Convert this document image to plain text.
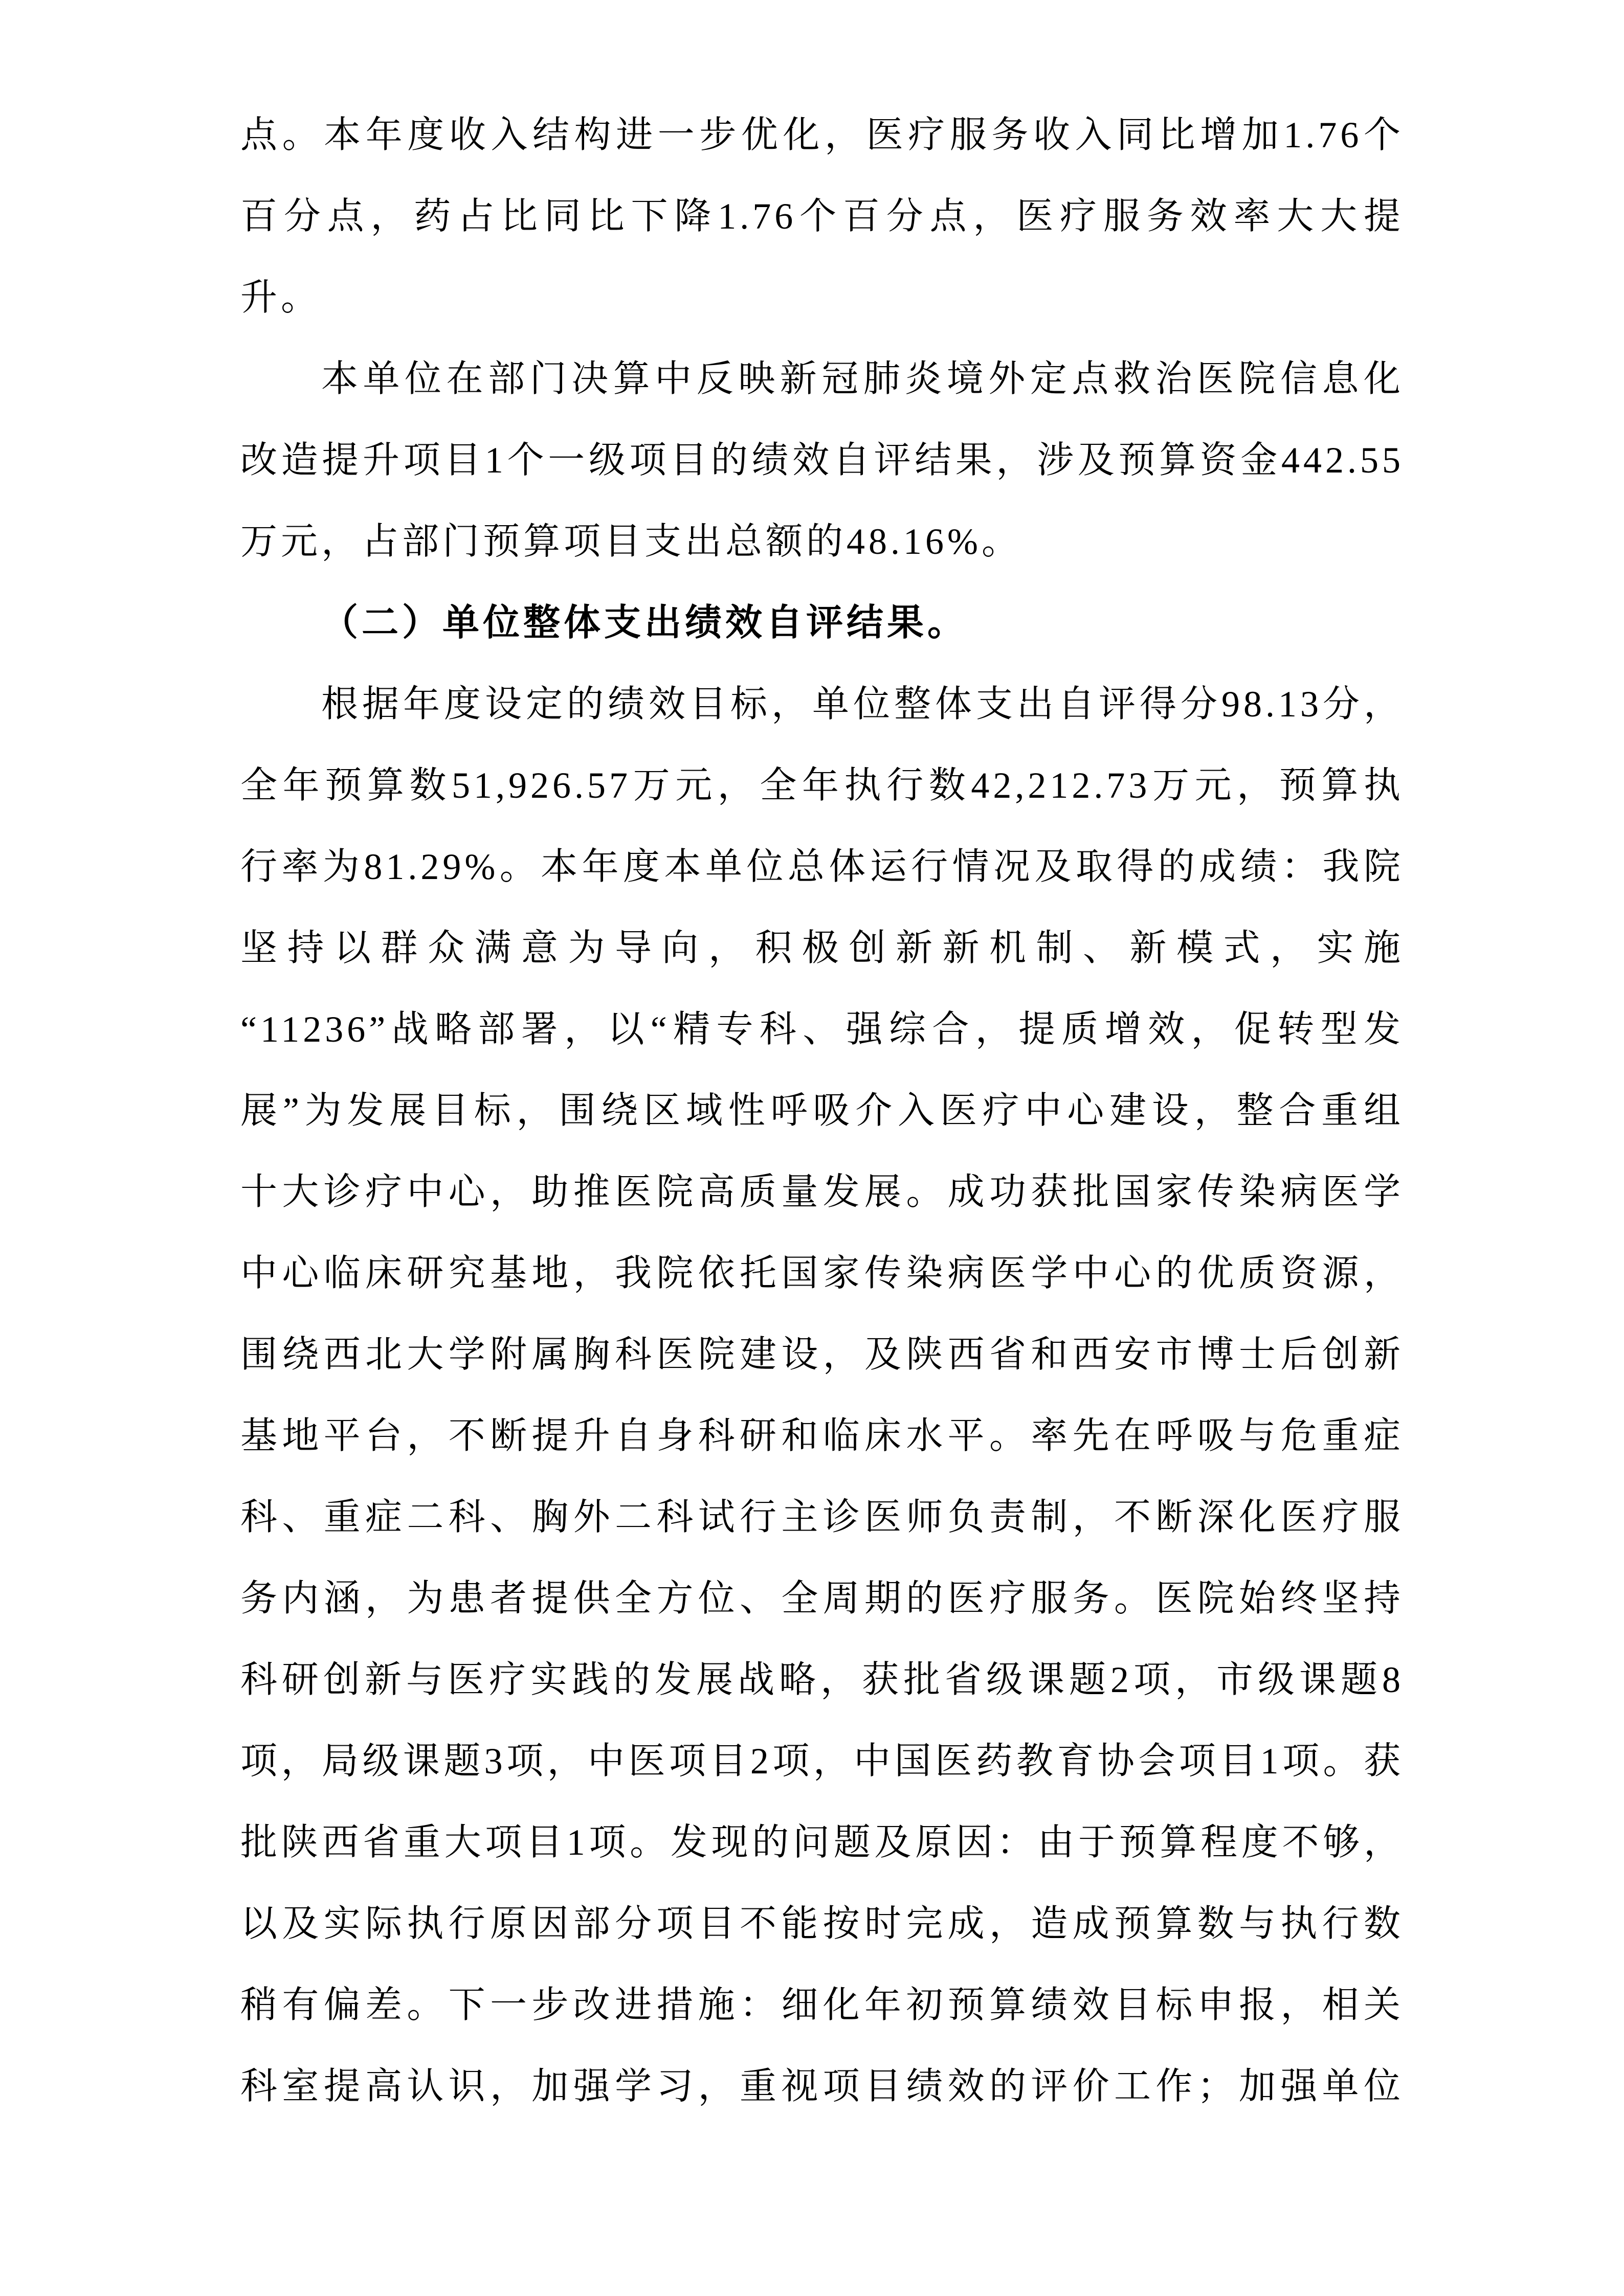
点。本年度收入结构进一步优化，医疗服务收入同比增加1.76个
百分点，药占比同比下降1.76个百分点，医疗服务效率大大提
升。
本单位在部门决算中反映新冠肺炎境外定点救治医院信息化
改造提升项目1个一级项目的绩效自评结果，涉及预算资金442.55
万元，占部门预算项目支出总额的48.16%。
（二）单位整体支出绩效自评结果。
根据年度设定的绩效目标，单位整体支出自评得分98.13分，
全年预算数51,926.57万元，全年执行数42,212.73万元，预算执
行率为81.29%。本年度本单位总体运行情况及取得的成绩：我院
坚持以群众满意为导向，积极创新新机制、新模式，实施
“11236”战略部署，以“精专科、强综合，提质增效，促转型发
展”为发展目标，围绕区域性呼吸介入医疗中心建设，整合重组
十大诊疗中心，助推医院高质量发展。成功获批国家传染病医学
中心临床研究基地，我院依托国家传染病医学中心的优质资源，
围绕西北大学附属胸科医院建设，及陕西省和西安市博士后创新
基地平台，不断提升自身科研和临床水平。率先在呼吸与危重症
科、重症二科、胸外二科试行主诊医师负责制，不断深化医疗服
务内涵，为患者提供全方位、全周期的医疗服务。医院始终坚持
科研创新与医疗实践的发展战略，获批省级课题2项，市级课题8
项，局级课题3项，中医项目2项，中国医药教育协会项目1项。获
批陕西省重大项目1项。发现的问题及原因：由于预算程度不够，
以及实际执行原因部分项目不能按时完成，造成预算数与执行数
稍有偏差。下一步改进措施：细化年初预算绩效目标申报，相关
科室提高认识，加强学习，重视项目绩效的评价工作；加强单位
